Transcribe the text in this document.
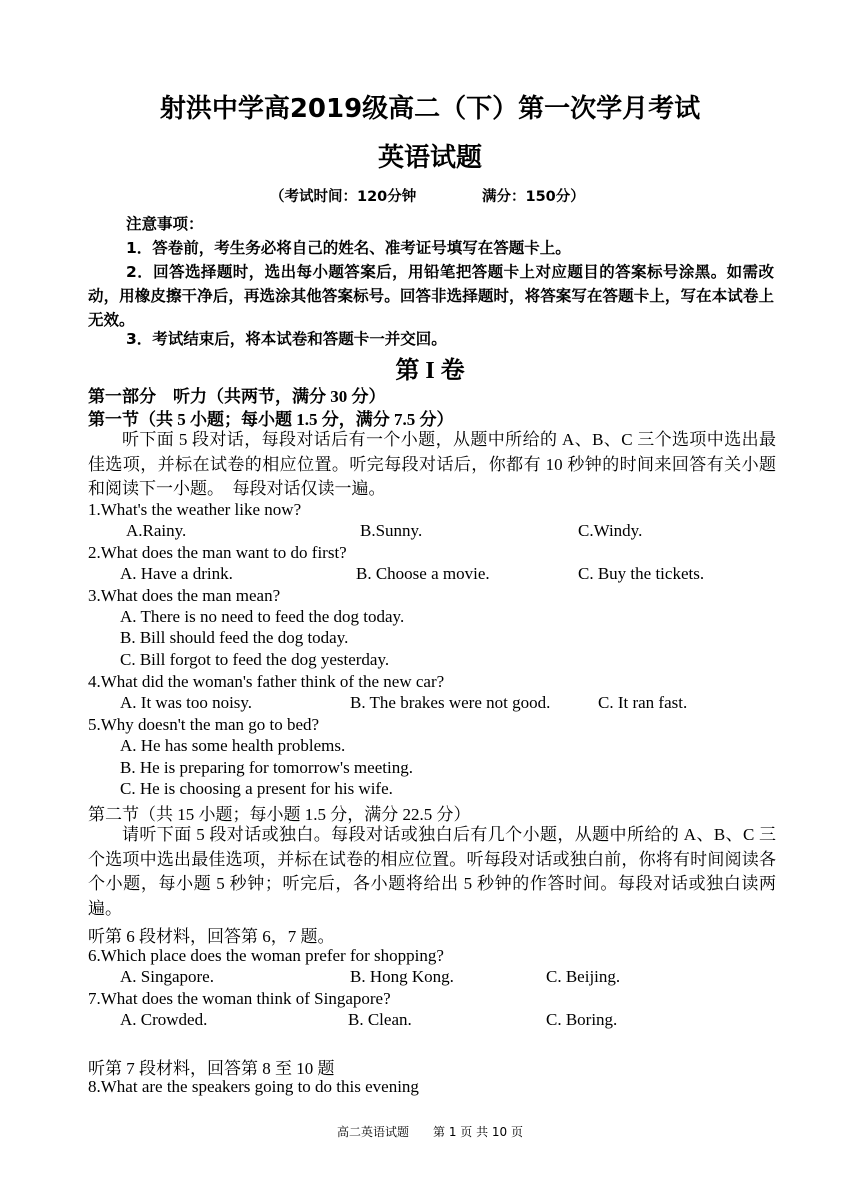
射洪中学高2019级高二（下）第一次学月考试
英语试题
（考试时间：120分钟	满分：150分）
注意事项：
1．答卷前，考生务必将自己的姓名、准考证号填写在答题卡上。
2．回答选择题时，选出每小题答案后，用铅笔把答题卡上对应题目的答案标号涂黑。如需改动，用橡皮擦干净后，再选涂其他答案标号。回答非选择题时，将答案写在答题卡上，写在本试卷上无效。
3．考试结束后，将本试卷和答题卡一并交回。
第 I 卷
第一部分　听力（共两节，满分 30 分）
第一节（共 5 小题；每小题 1.5 分，满分 7.5 分）
听下面 5 段对话，每段对话后有一个小题，从题中所给的 A、B、C 三个选项中选出最佳选项，并标在试卷的相应位置。听完每段对话后，你都有 10 秒钟的时间来回答有关小题和阅读下一小题。　每段对话仅读一遍。
1.What's the weather like now?
A.Rainy.	B.Sunny.	C.Windy.
2.What does the man want to do first?
A. Have a drink.	B. Choose a movie.	C. Buy the tickets.
3.What does the man mean?
A. There is no need to feed the dog today.
B. Bill should feed the dog today.
C. Bill forgot to feed the dog yesterday.
4.What did the woman's father think of the new car?
A. It was too noisy.	B. The brakes were not good.	C. It ran fast.
5.Why doesn't the man go to bed?
A. He has some health problems.
B. He is preparing for tomorrow's meeting.
C. He is choosing a present for his wife.
第二节（共 15 小题；每小题 1.5 分，满分 22.5 分）
请听下面 5 段对话或独白。每段对话或独白后有几个小题，从题中所给的 A、B、C 三个选项中选出最佳选项，并标在试卷的相应位置。听每段对话或独白前，你将有时间阅读各个小题，每小题 5 秒钟；听完后，各小题将给出 5 秒钟的作答时间。每段对话或独白读两遍。
听第 6 段材料，回答第 6，7 题。
6.Which place does the woman prefer for shopping?
A. Singapore.	B. Hong Kong.	C. Beijing.
7.What does the woman think of Singapore?
A. Crowded.	B. Clean.	C. Boring.
听第 7 段材料，回答第 8 至 10 题
8.What are the speakers going to do this evening
高二英语试题　　第 1 页 共 10 页
